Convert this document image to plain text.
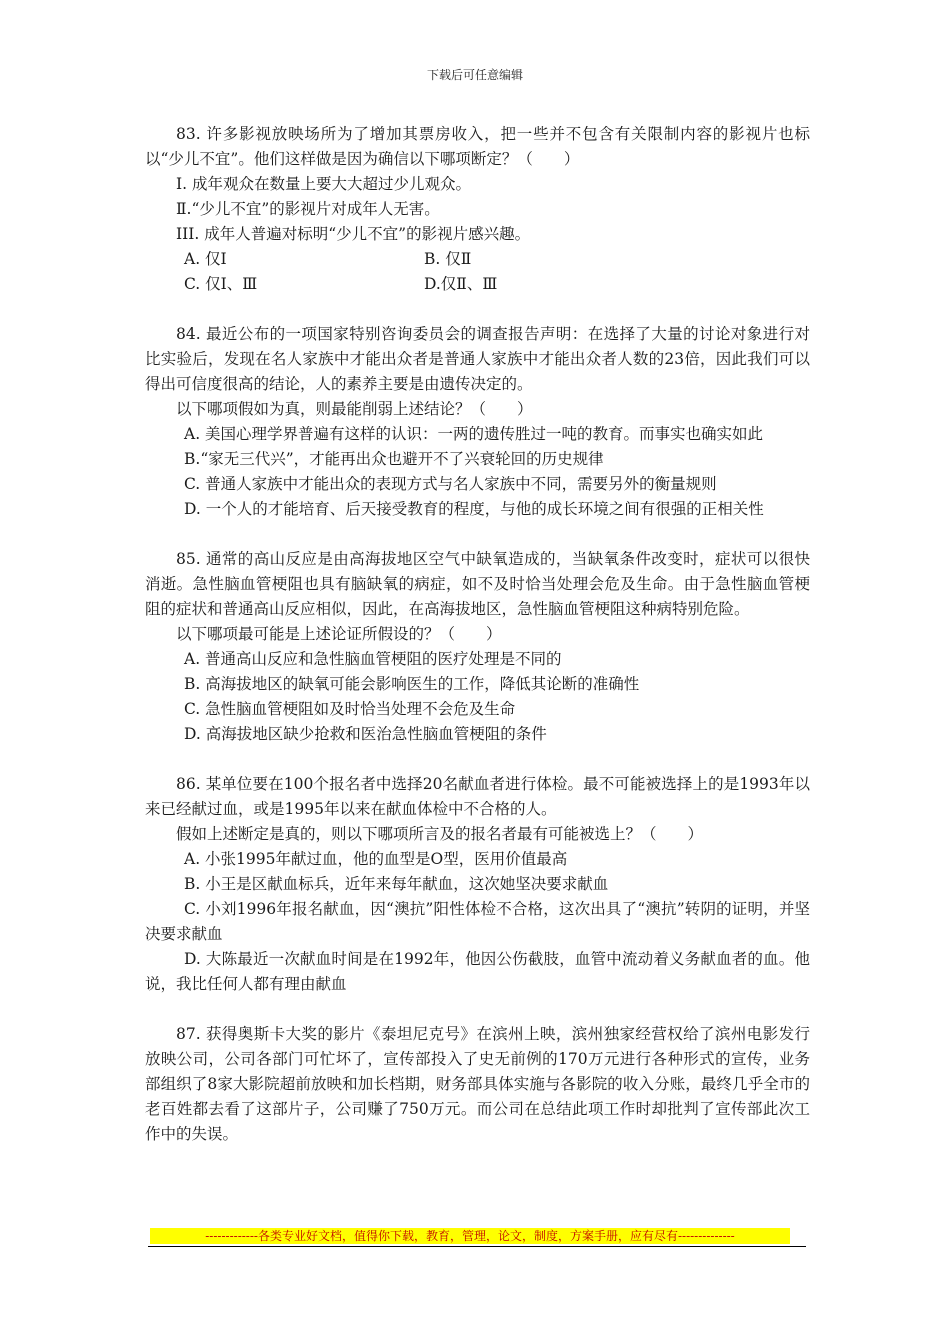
下载后可任意编辑
83. 许多影视放映场所为了增加其票房收入，把一些并不包含有关限制内容的影视片也标以“少儿不宜”。他们这样做是因为确信以下哪项断定？（　　）
Ⅰ. 成年观众在数量上要大大超过少儿观众。
Ⅱ.“少儿不宜”的影视片对成年人无害。
III. 成年人普遍对标明“少儿不宜”的影视片感兴趣。
A. 仅Ⅰ	B. 仅Ⅱ
C. 仅Ⅰ、Ⅲ	D.仅Ⅱ、Ⅲ
84. 最近公布的一项国家特别咨询委员会的调查报告声明：在选择了大量的讨论对象进行对比实验后，发现在名人家族中才能出众者是普通人家族中才能出众者人数的23倍，因此我们可以得出可信度很高的结论，人的素养主要是由遗传决定的。
以下哪项假如为真，则最能削弱上述结论？（　　）
A. 美国心理学界普遍有这样的认识：一两的遗传胜过一吨的教育。而事实也确实如此
B.“家无三代兴”，才能再出众也避开不了兴衰轮回的历史规律
C. 普通人家族中才能出众的表现方式与名人家族中不同，需要另外的衡量规则
D. 一个人的才能培育、后天接受教育的程度，与他的成长环境之间有很强的正相关性
85. 通常的高山反应是由高海拔地区空气中缺氧造成的，当缺氧条件改变时，症状可以很快消逝。急性脑血管梗阻也具有脑缺氧的病症，如不及时恰当处理会危及生命。由于急性脑血管梗阻的症状和普通高山反应相似，因此，在高海拔地区，急性脑血管梗阻这种病特别危险。
以下哪项最可能是上述论证所假设的？（　　）
A. 普通高山反应和急性脑血管梗阻的医疗处理是不同的
B. 高海拔地区的缺氧可能会影响医生的工作，降低其论断的准确性
C. 急性脑血管梗阻如及时恰当处理不会危及生命
D. 高海拔地区缺少抢救和医治急性脑血管梗阻的条件
86. 某单位要在100个报名者中选择20名献血者进行体检。最不可能被选择上的是1993年以来已经献过血，或是1995年以来在献血体检中不合格的人。
假如上述断定是真的，则以下哪项所言及的报名者最有可能被选上？（　　）
A. 小张1995年献过血，他的血型是O型，医用价值最高
B. 小王是区献血标兵，近年来每年献血，这次她坚决要求献血
C. 小刘1996年报名献血，因“澳抗”阳性体检不合格，这次出具了“澳抗”转阴的证明，并坚决要求献血
D. 大陈最近一次献血时间是在1992年，他因公伤截肢，血管中流动着义务献血者的血。他说，我比任何人都有理由献血
87. 获得奥斯卡大奖的影片《泰坦尼克号》在滨州上映，滨州独家经营权给了滨州电影发行放映公司，公司各部门可忙坏了，宣传部投入了史无前例的170万元进行各种形式的宣传，业务部组织了8家大影院超前放映和加长档期，财务部具体实施与各影院的收入分账，最终几乎全市的老百姓都去看了这部片子，公司赚了750万元。而公司在总结此项工作时却批判了宣传部此次工作中的失误。
-------------各类专业好文档，值得你下载，教育，管理，论文，制度，方案手册，应有尽有--------------
